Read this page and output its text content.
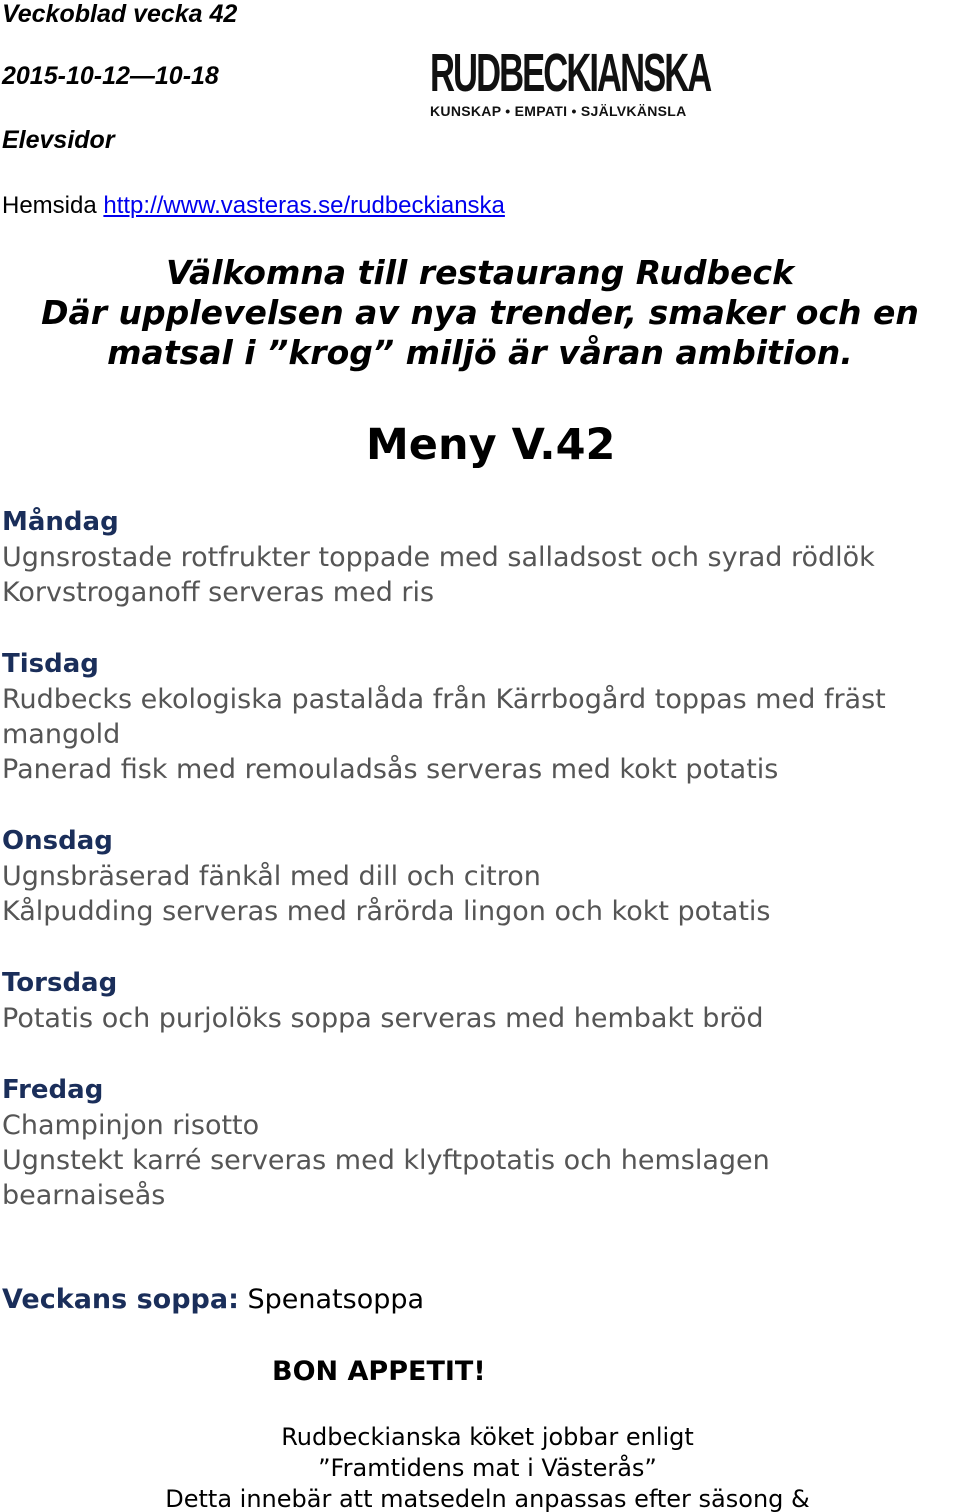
Veckoblad vecka 42
2015-10-12—10-18
Elevsidor
RUDBECKIANSKA
KUNSKAP • EMPATI • SJÄLVKÄNSLA
Hemsida http://www.vasteras.se/rudbeckianska
Välkomna till restaurang Rudbeck
Där upplevelsen av nya trender, smaker och en
matsal i ”krog” miljö är våran ambition.
Meny V.42
Måndag
Ugnsrostade rotfrukter toppade med salladsost och syrad rödlök
Korvstroganoff serveras med ris
Tisdag
Rudbecks ekologiska pastalåda från Kärrbogård toppas med fräst
mangold
Panerad fisk med remouladsås serveras med kokt potatis
Onsdag
Ugnsbräserad fänkål med dill och citron
Kålpudding serveras med rårörda lingon och kokt potatis
Torsdag
Potatis och purjolöks soppa serveras med hembakt bröd
Fredag
Champinjon risotto
Ugnstekt karré serveras med klyftpotatis och hemslagen
bearnaiseås
Veckans soppa: Spenatsoppa
BON APPETIT!
Rudbeckianska köket jobbar enligt
”Framtidens mat i Västerås”
Detta innebär att matsedeln anpassas efter säsong &
